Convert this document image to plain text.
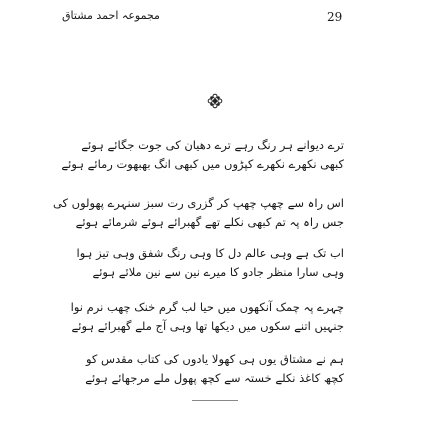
29
مجموعہ احمد مشتاق
ترے دیوانے ہر رنگ رہے ترے دھیان کی جوت جگائے ہوئے
کبھی نکھرے نکھرے کپڑوں میں کبھی انگ بھبھوت رمائے ہوئے
اس راہ سے چھپ چھپ کر گزری رت سبز سنہرے پھولوں کی
جس راہ پہ تم کبھی نکلے تھے گھبرائے ہوئے شرمائے ہوئے
اب تک ہے وہی عالم دل کا وہی رنگ شفق وہی تیز ہوا
وہی سارا منظر جادو کا میرے نین سے نین ملائے ہوئے
چہرے پہ چمک آنکھوں میں حیا لب گرم خنک چھب نرم نوا
جنہیں اتنے سکوں میں دیکھا تھا وہی آج ملے گھبرائے ہوئے
ہم نے مشتاق یوں ہی کھولا یادوں کی کتاب مقدس کو
کچھ کاغذ نکلے خستہ سے کچھ پھول ملے مرجھائے ہوئے
